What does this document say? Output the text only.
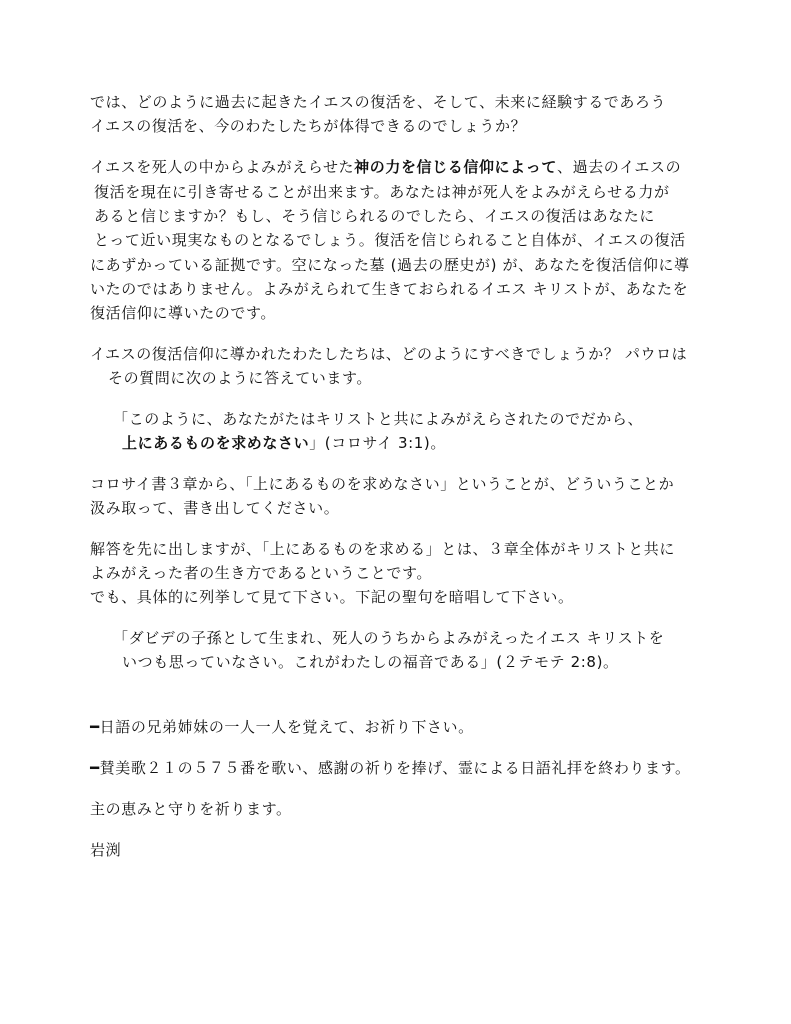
では、どのように過去に起きたイエスの復活を、そして、未来に経験するであろう
イエスの復活を、今のわたしたちが体得できるのでしょうか？
イエスを死人の中からよみがえらせた神の力を信じる信仰によって、過去のイエスの
復活を現在に引き寄せることが出来ます。あなたは神が死人をよみがえらせる力が
あると信じますか？もし、そう信じられるのでしたら、イエスの復活はあなたに
とって近い現実なものとなるでしょう。復活を信じられること自体が、イエスの復活
にあずかっている証拠です。空になった墓 (過去の歴史が) が、あなたを復活信仰に導
いたのではありません。よみがえられて生きておられるイエス キリストが、あなたを
復活信仰に導いたのです。
イエスの復活信仰に導かれたわたしたちは、どのようにすべきでしょうか？ パウロは
その質問に次のように答えています。
「このように、あなたがたはキリストと共によみがえらされたのでだから、
上にあるものを求めなさい」(コロサイ 3:1)。
コロサイ書３章から、「上にあるものを求めなさい」ということが、どういうことか
汲み取って、書き出してください。
解答を先に出しますが、「上にあるものを求める」とは、３章全体がキリストと共に
よみがえった者の生き方であるということです。
でも、具体的に列挙して見て下さい。下記の聖句を暗唱して下さい。
「ダビデの子孫として生まれ、死人のうちからよみがえったイエス キリストを
いつも思っていなさい。これがわたしの福音である」(２テモテ 2:8)。
━日語の兄弟姉妹の一人一人を覚えて、お祈り下さい。
━賛美歌２１の５７５番を歌い、感謝の祈りを捧げ、霊による日語礼拝を終わります。
主の恵みと守りを祈ります。
岩渕
